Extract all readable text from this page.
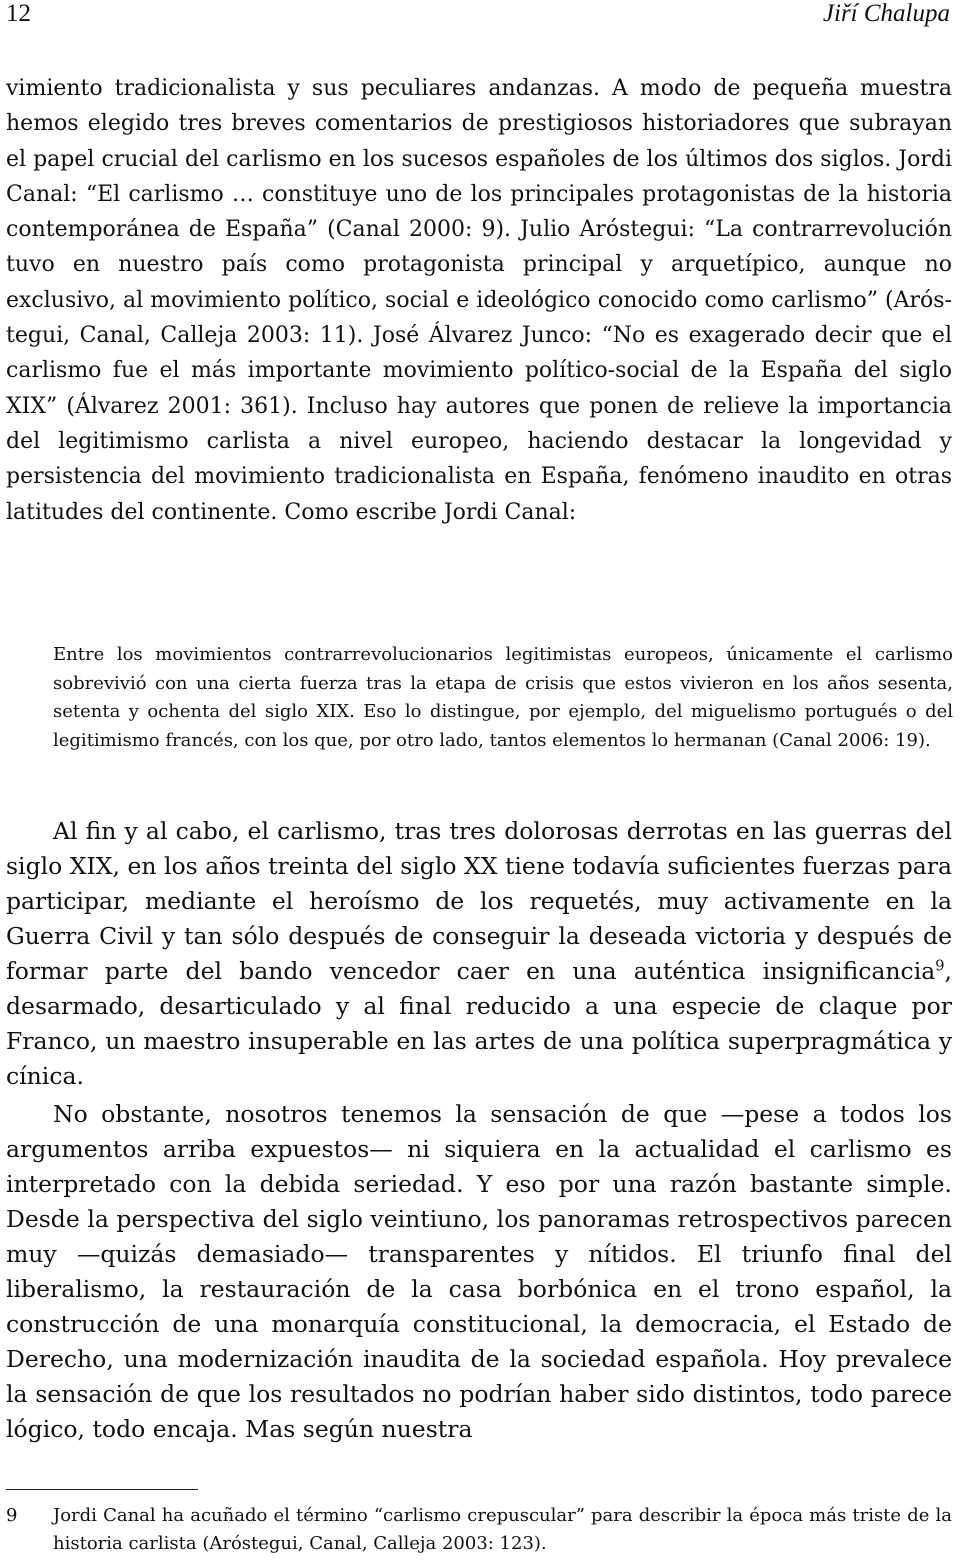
12	Jiří Chalupa

vimiento tradicionalista y sus peculiares andanzas. A modo de pequeña muestra hemos elegido tres breves comentarios de prestigiosos historiadores que subrayan el papel crucial del carlismo en los sucesos españoles de los últimos dos siglos. Jordi Canal: “El carlismo … constituye uno de los principales protagonistas de la historia contemporánea de España” (Canal 2000: 9). Julio Aróstegui: “La contrarrevolución tuvo en nuestro país como protagonista principal y arquetípico, aunque no exclusivo, al movimiento político, social e ideológico conocido como carlismo” (Aróstegui, Canal, Calleja 2003: 11). José Álvarez Junco: “No es exagerado decir que el carlismo fue el más importante movimiento político-social de la España del siglo XIX” (Álvarez 2001: 361). Incluso hay autores que ponen de relieve la importancia del legitimismo carlista a nivel europeo, haciendo destacar la longevidad y persistencia del movimiento tradicionalista en España, fenómeno inaudito en otras latitudes del continente. Como escribe Jordi Canal:

Entre los movimientos contrarrevolucionarios legitimistas europeos, únicamente el carlismo sobrevivió con una cierta fuerza tras la etapa de crisis que estos vivieron en los años sesenta, setenta y ochenta del siglo XIX. Eso lo distingue, por ejemplo, del miguelismo portugués o del legitimismo francés, con los que, por otro lado, tantos elementos lo hermanan (Canal 2006: 19).

Al fin y al cabo, el carlismo, tras tres dolorosas derrotas en las guerras del siglo XIX, en los años treinta del siglo XX tiene todavía suficientes fuerzas para participar, mediante el heroísmo de los requetés, muy activamente en la Guerra Civil y tan sólo después de conseguir la deseada victoria y después de formar parte del bando vencedor caer en una auténtica insignificancia$^9$, desarmado, desarticulado y al final reducido a una especie de claque por Franco, un maestro insuperable en las artes de una política superpragmática y cínica.

No obstante, nosotros tenemos la sensación de que —pese a todos los argumentos arriba expuestos— ni siquiera en la actualidad el carlismo es interpretado con la debida seriedad. Y eso por una razón bastante simple. Desde la perspectiva del siglo veintiuno, los panoramas retrospectivos parecen muy —quizás demasiado— transparentes y nítidos. El triunfo final del liberalismo, la restauración de la casa borbónica en el trono español, la construcción de una monarquía constitucional, la democracia, el Estado de Derecho, una modernización inaudita de la sociedad española. Hoy prevalece la sensación de que los resultados no podrían haber sido distintos, todo parece lógico, todo encaja. Mas según nuestra

9 Jordi Canal ha acuñado el término “carlismo crepuscular” para describir la época más triste de la historia carlista (Aróstegui, Canal, Calleja 2003: 123).
